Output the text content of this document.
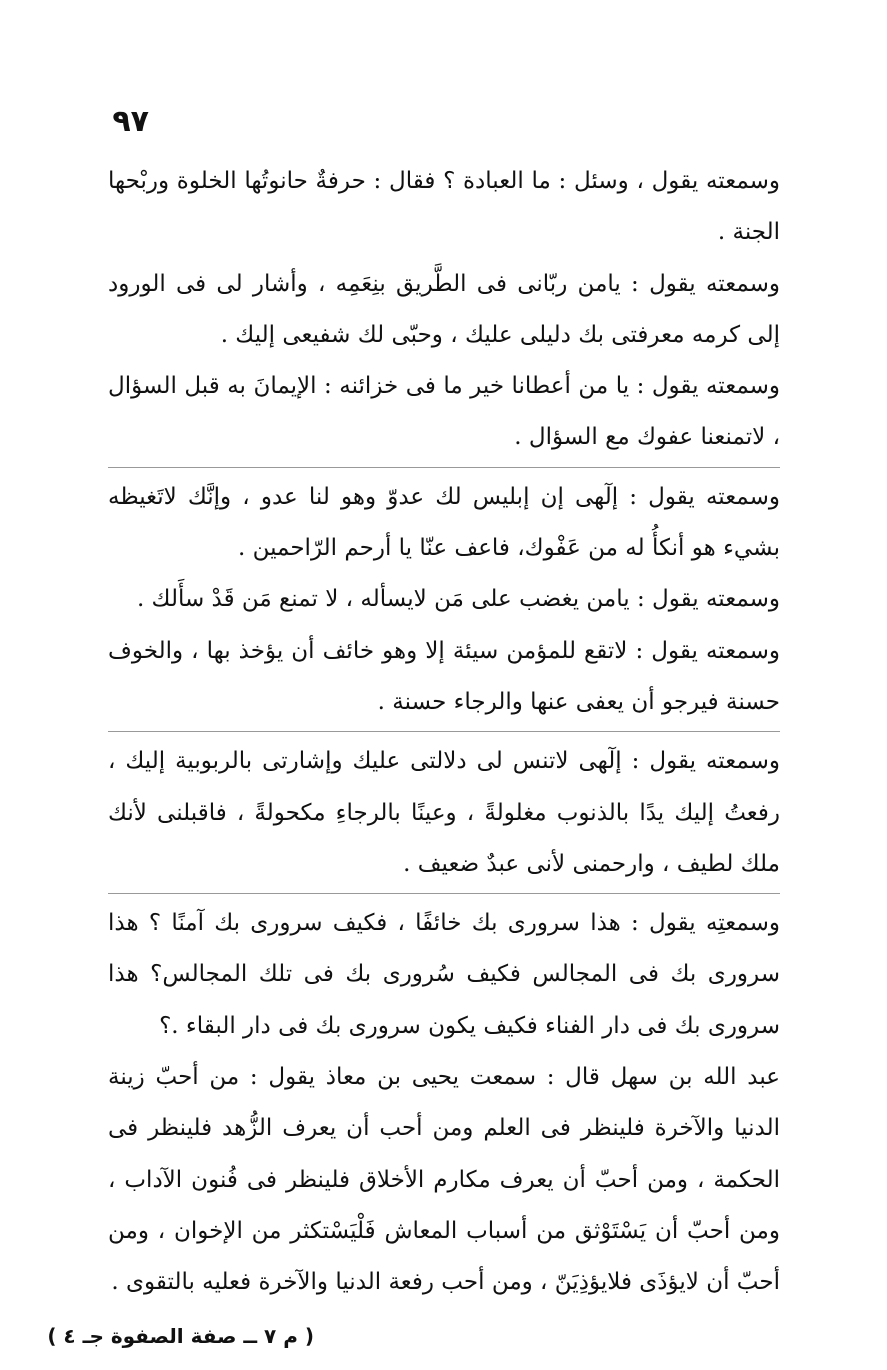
٩٧

وسمعته يقول ، وسئل : ما العبادة ؟ فقال : حرفةٌ حانوتُها الخلوة وربْحها الجنة .

وسمعته يقول : يامن ربّانى فى الطَّريق بنِعَمِه ، وأشار لى فى الورود إلى كرمه معرفتى بك دليلى عليك ، وحبّى لك شفيعى إليك .

وسمعته يقول : يا من أعطانا خير ما فى خزائنه : الإيمانَ به قبل السؤال ، لاتمنعنا عفوك مع السؤال .

وسمعته يقول : إلٓهى إن إبليس لك عدوّ وهو لنا عدو ، وإنَّك لاتَغيظه بشيء هو أنكأُ له من عَفْوك، فاعف عنّا يا أرحم الرّاحمين .

وسمعته يقول : يامن يغضب على مَن لايسأله ، لا تمنع مَن قَدْ سأَلك .

وسمعته يقول : لاتقع للمؤمن سيئة إلا وهو خائف أن يؤخذ بها ، والخوف حسنة فيرجو أن يعفى عنها والرجاء حسنة .

وسمعته يقول : إلٓهى لاتنس لى دلالتى عليك وإشارتى بالربوبية إليك ، رفعتُ إليك يدًا بالذنوب مغلولةً ، وعينًا بالرجاءِ مكحولةً ، فاقبلنى لأنك ملك لطيف ، وارحمنى لأنى عبدٌ ضعيف .

وسمعتِه يقول : هذا سرورى بك خائفًا ، فكيف سرورى بك آمنًا ؟ هذا سرورى بك فى المجالس فكيف سُرورى بك فى تلك المجالس؟ هذا سرورى بك فى دار الفناء فكيف يكون سرورى بك فى دار البقاء .؟

عبد الله بن سهل قال : سمعت يحيى بن معاذ يقول : من أحبّ زينة الدنيا والآخرة فلينظر فى العلم ومن أحب أن يعرف الزُّهد فلينظر فى الحكمة ، ومن أحبّ أن يعرف مكارم الأخلاق فلينظر فى فُنون الآداب ، ومن أحبّ أن يَسْتَوْثق من أسباب المعاش فَلْيَسْتكثر من الإخوان ، ومن أحبّ أن لايؤذَى فلايؤذِيَنّ ، ومن أحب رفعة الدنيا والآخرة فعليه بالتقوى .

( م ٧ ــ صفة الصفوة جـ ٤ )
